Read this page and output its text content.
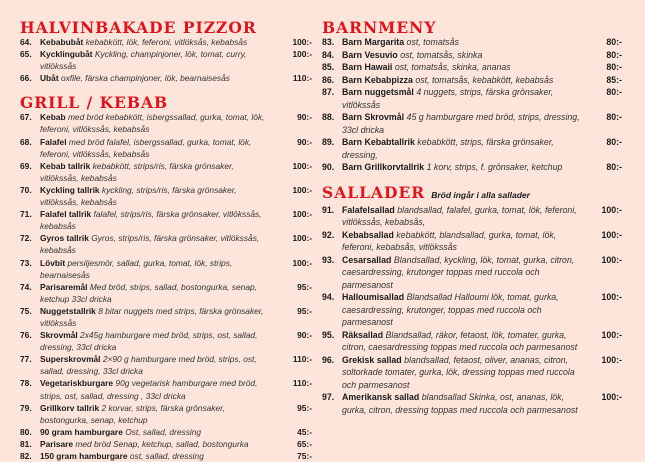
HALVINBAKADE PIZZOR
64. Kebabubåt kebabkött, lök, feferoni, vitlöksås, kebabsås	100:-
65. Kycklingubåt Kyckling, champinjoner, lök, tomat, curry, vitlökssås
100:-
66. Ubåt oxfile, färska champinjoner, lök, bearnaisesås	110:-
GRILL / KEBAB
67. Kebab med bröd kebabkött, isbergssallad, gurka, tomat, lök, feferoni, vitlökssås, kebabsås
90:-
68. Falafel med bröd falafel, isbergssallad, gurka, tomat, lök, feferoni, vitlökssås, kebabsås
90:-
69. Kebab tallrik kebabkött, strips/ris, färska grönsaker, vitlökssås, kebabsås
100:-
70. Kyckling tallrik kyckling, strips/ris, färska grönsaker, vitlökssås, kebabsås
100:-
71. Falafel tallrik falafel, strips/ris, färska grönsaker, vitlökssås, kebabsås
100:-
72. Gyros tallrik Gyros, strips/ris, färska grönsaker, vitlökssås, kebabsås
100:-
73. Lövbit persiljesmör, sallad, gurka, tomat, lök, strips, bearnaisesås
100:-
74. Parisaremål Med bröd, strips, sallad, bostongurka, senap, ketchup 33cl dricka
95:-
75. Nuggetstallrik 8 bitar nuggets med strips, färska grönsaker, vitlökssås
95:-
76. Skrovmål 2x45g hamburgare med bröd, strips, ost, sallad, dressing, 33cl dricka
90:-
77. Superskrovmål 2×90 g hamburgare med bröd, strips, ost, sallad, dressing, 33cl dricka
110:-
78. Vegetariskburgare 90g vegetarisk hamburgare med bröd, strips, ost, sallad, dressing , 33cl dricka
110:-
79. Grillkorv tallrik 2 korvar, strips, färska grönsaker, bostongurka, senap, ketchup
95:-
80. 90 gram hamburgare Ost, sallad, dressing	45:-
81. Parisare med bröd Senap, ketchup, sallad, bostongurka	65:-
82. 150 gram hamburgare ost, sallad, dressing	75:-
BARNMENY
83. Barn Margarita ost, tomatsås	80:-
84. Barn Vesuvio ost, tomatsås, skinka	80:-
85. Barn Hawaii ost, tomatsås, skinka, ananas	80:-
86. Barn Kebabpizza ost, tomatsås, kebabkött, kebabsås	85:-
87. Barn nuggetsmål 4 nuggets, strips, färska grönsaker, vitlökssås
80:-
88. Barn Skrovmål 45 g hamburgare med bröd, strips, dressing, 33cl dricka
80:-
89. Barn Kebabtallrik kebabkött, strips, färska grönsaker, dressing,
80:-
90. Barn Grillkorvtallrik 1 korv, strips, f. grönsaker, ketchup	80:-
SALLADER Bröd ingår i alla sallader
91. Falafelsallad blandsallad, falafel, gurka, tomat, lök, feferoni, vitlökssås, kebabsås,
100:-
92. Kebabsallad kebabkött, blandsallad, gurka, tomat, lök, feferoni, kebabsås, vitlökssås
100:-
93. Cesarsallad Blandsallad, kyckling, lök, tomat, gurka, citron, caesardressing, krutonger toppas med ruccola och parmesanost
100:-
94. Halloumisallad Blandsallad Halloumi lök, tomat, gurka, caesardressing, krutonger, toppas med ruccola och parmesanost
100:-
95. Räksallad Blandsallad, räkor, fetaost, lök, tomater, gurka, citron, caesardressing toppas med ruccola och parmesanost
100:-
96. Grekisk sallad blandsallad, fetaost, oliver, ananas, citron, soltorkade tomater, gurka, lök, dressing toppas med ruccola och parmesanost
100:-
97. Amerikansk sallad blandsallad Skinka, ost, ananas, lök, gurka, citron, dressing toppas med ruccola och parmesanost
100:-
